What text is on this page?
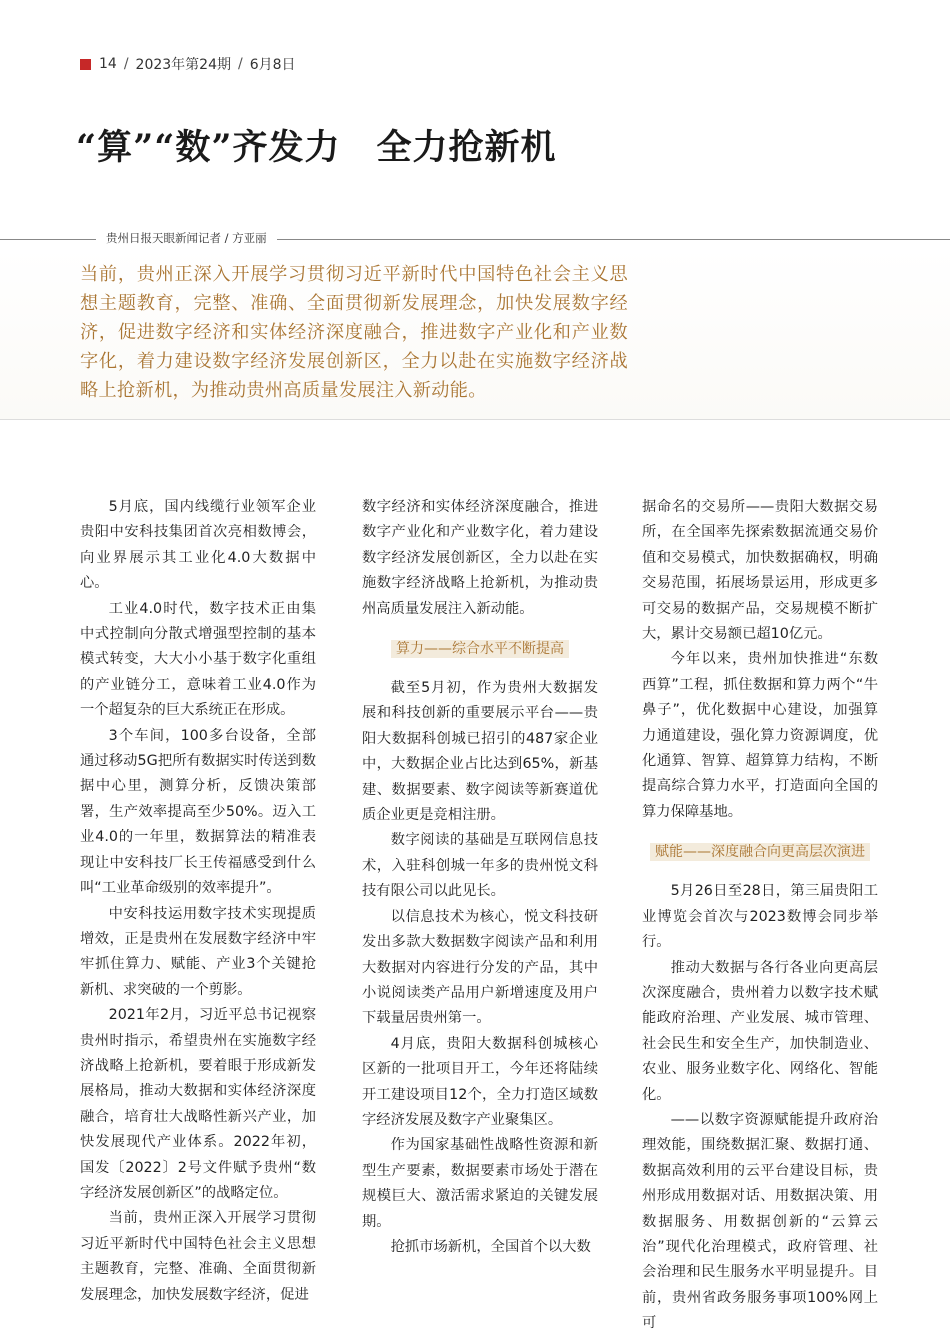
14 / 2023年第24期 / 6月8日
“算”“数”齐发力 全力抢新机
贵州日报天眼新闻记者 / 方亚丽
当前，贵州正深入开展学习贯彻习近平新时代中国特色社会主义思想主题教育，完整、准确、全面贯彻新发展理念，加快发展数字经济，促进数字经济和实体经济深度融合，推进数字产业化和产业数字化，着力建设数字经济发展创新区，全力以赴在实施数字经济战略上抢新机，为推动贵州高质量发展注入新动能。

5月底，国内线缆行业领军企业贵阳中安科技集团首次亮相数博会，向业界展示其工业化4.0大数据中心。

工业4.0时代，数字技术正由集中式控制向分散式增强型控制的基本模式转变，大大小小基于数字化重组的产业链分工，意味着工业4.0作为一个超复杂的巨大系统正在形成。

3个车间，100多台设备，全部通过移动5G把所有数据实时传送到数据中心里，测算分析，反馈决策部署，生产效率提高至少50%。迈入工业4.0的一年里，数据算法的精准表现让中安科技厂长王传福感受到什么叫“工业革命级别的效率提升”。

中安科技运用数字技术实现提质增效，正是贵州在发展数字经济中牢牢抓住算力、赋能、产业3个关键抢新机、求突破的一个剪影。

2021年2月，习近平总书记视察贵州时指示，希望贵州在实施数字经济战略上抢新机，要着眼于形成新发展格局，推动大数据和实体经济深度融合，培育壮大战略性新兴产业，加快发展现代产业体系。2022年初，国发〔2022〕2号文件赋予贵州“数字经济发展创新区”的战略定位。

当前，贵州正深入开展学习贯彻习近平新时代中国特色社会主义思想主题教育，完整、准确、全面贯彻新发展理念，加快发展数字经济，促进

数字经济和实体经济深度融合，推进数字产业化和产业数字化，着力建设数字经济发展创新区，全力以赴在实施数字经济战略上抢新机，为推动贵州高质量发展注入新动能。

算力——综合水平不断提高

截至5月初，作为贵州大数据发展和科技创新的重要展示平台——贵阳大数据科创城已招引的487家企业中，大数据企业占比达到65%，新基建、数据要素、数字阅读等新赛道优质企业更是竞相注册。

数字阅读的基础是互联网信息技术，入驻科创城一年多的贵州悦文科技有限公司以此见长。

以信息技术为核心，悦文科技研发出多款大数据数字阅读产品和利用大数据对内容进行分发的产品，其中小说阅读类产品用户新增速度及用户下载量居贵州第一。

4月底，贵阳大数据科创城核心区新的一批项目开工，今年还将陆续开工建设项目12个，全力打造区域数字经济发展及数字产业聚集区。

作为国家基础性战略性资源和新型生产要素，数据要素市场处于潜在规模巨大、激活需求紧迫的关键发展期。

抢抓市场新机，全国首个以大数

据命名的交易所——贵阳大数据交易所，在全国率先探索数据流通交易价值和交易模式，加快数据确权，明确交易范围，拓展场景运用，形成更多可交易的数据产品，交易规模不断扩大，累计交易额已超10亿元。

今年以来，贵州加快推进“东数西算”工程，抓住数据和算力两个“牛鼻子”，优化数据中心建设，加强算力通道建设，强化算力资源调度，优化通算、智算、超算算力结构，不断提高综合算力水平，打造面向全国的算力保障基地。

赋能——深度融合向更高层次演进

5月26日至28日，第三届贵阳工业博览会首次与2023数博会同步举行。

推动大数据与各行各业向更高层次深度融合，贵州着力以数字技术赋能政府治理、产业发展、城市管理、社会民生和安全生产，加快制造业、农业、服务业数字化、网络化、智能化。

——以数字资源赋能提升政府治理效能，围绕数据汇聚、数据打通、数据高效利用的云平台建设目标，贵州形成用数据对话、用数据决策、用数据服务、用数据创新的“云算云治”现代化治理模式，政府管理、社会治理和民生服务水平明显提升。目前，贵州省政务服务事项100%网上可
